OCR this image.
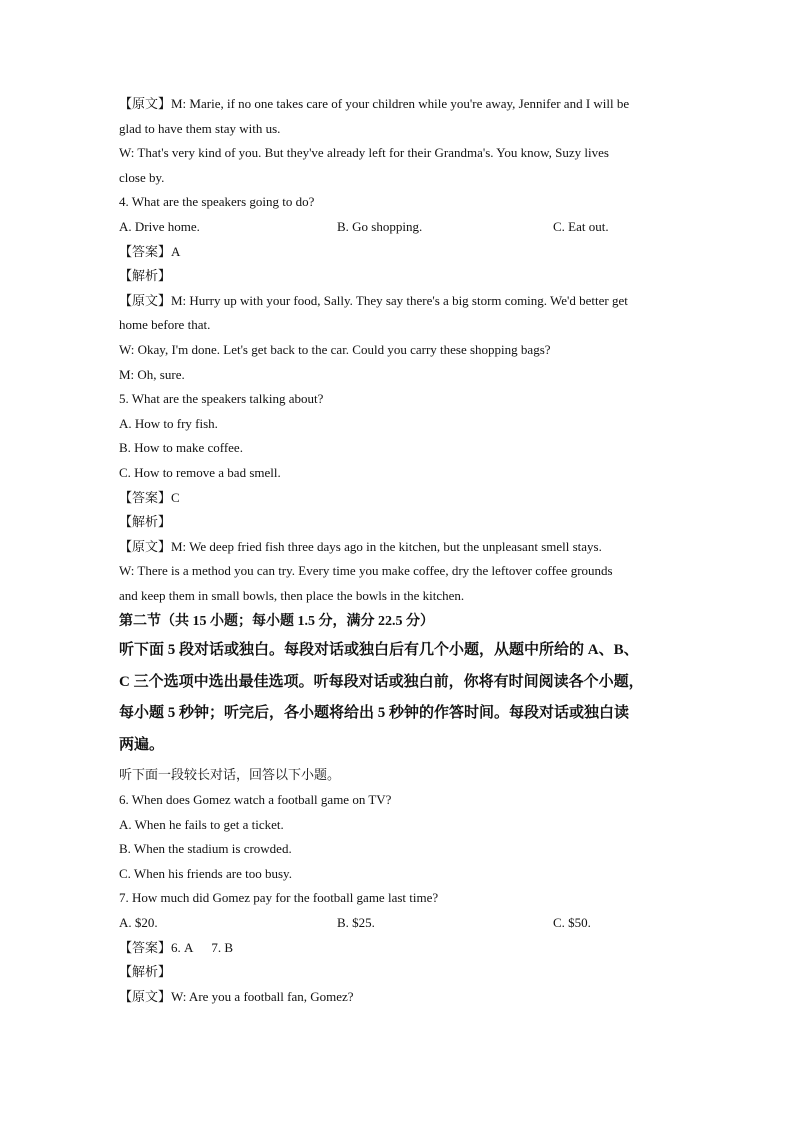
【原文】M: Marie, if no one takes care of your children while you're away, Jennifer and I will be
glad to have them stay with us.
W: That's very kind of you. But they've already left for their Grandma's. You know, Suzy lives
close by.
4. What are the speakers going to do?
A. Drive home.	B. Go shopping.	C. Eat out.
【答案】A
【解析】
【原文】M: Hurry up with your food, Sally. They say there's a big storm coming. We'd better get
home before that.
W: Okay, I'm done. Let's get back to the car. Could you carry these shopping bags?
M: Oh, sure.
5. What are the speakers talking about?
A. How to fry fish.
B. How to make coffee.
C. How to remove a bad smell.
【答案】C
【解析】
【原文】M: We deep fried fish three days ago in the kitchen, but the unpleasant smell stays.
W: There is a method you can try. Every time you make coffee, dry the leftover coffee grounds
and keep them in small bowls, then place the bowls in the kitchen.
第二节（共 15 小题；每小题 1.5 分，满分 22.5 分）
听下面 5 段对话或独白。每段对话或独白后有几个小题，从题中所给的 A、B、
C 三个选项中选出最佳选项。听每段对话或独白前，你将有时间阅读各个小题，
每小题 5 秒钟；听完后，各小题将给出 5 秒钟的作答时间。每段对话或独白读
两遍。
听下面一段较长对话，回答以下小题。
6. When does Gomez watch a football game on TV?
A. When he fails to get a ticket.
B. When the stadium is crowded.
C. When his friends are too busy.
7. How much did Gomez pay for the football game last time?
A. $20.	B. $25.	C. $50.
【答案】6. A 7. B
【解析】
【原文】W: Are you a football fan, Gomez?
